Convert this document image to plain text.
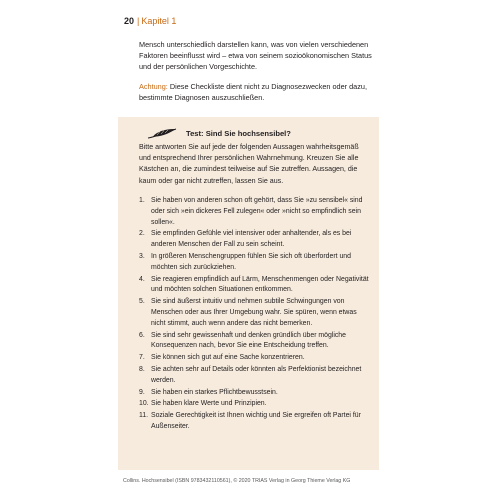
20 | Kapitel 1

Mensch unterschiedlich darstellen kann, was von vielen verschiedenen Faktoren beeinflusst wird – etwa von seinem sozioökonomischen Status und der persönlichen Vorgeschichte.

Achtung: Diese Checkliste dient nicht zu Diagnosezwecken oder dazu, bestimmte Diagnosen auszuschließen.
Test: Sind Sie hochsensibel?

Bitte antworten Sie auf jede der folgenden Aussagen wahrheitsgemäß und entsprechend Ihrer persönlichen Wahrnehmung. Kreuzen Sie alle Kästchen an, die zumindest teilweise auf Sie zutreffen. Aussagen, die kaum oder gar nicht zutreffen, lassen Sie aus.

1. Sie haben von anderen schon oft gehört, dass Sie »zu sensibel« sind oder sich »ein dickeres Fell zulegen« oder »nicht so empfindlich sein sollen«.
2. Sie empfinden Gefühle viel intensiver oder anhaltender, als es bei anderen Menschen der Fall zu sein scheint.
3. In größeren Menschengruppen fühlen Sie sich oft überfordert und möchten sich zurückziehen.
4. Sie reagieren empfindlich auf Lärm, Menschenmengen oder Negativität und möchten solchen Situationen entkommen.
5. Sie sind äußerst intuitiv und nehmen subtile Schwingungen von Menschen oder aus Ihrer Umgebung wahr. Sie spüren, wenn etwas nicht stimmt, auch wenn andere das nicht bemerken.
6. Sie sind sehr gewissenhaft und denken gründlich über mögliche Konsequenzen nach, bevor Sie eine Entscheidung treffen.
7. Sie können sich gut auf eine Sache konzentrieren.
8. Sie achten sehr auf Details oder könnten als Perfektionist bezeichnet werden.
9. Sie haben ein starkes Pflichtbewusstsein.
10. Sie haben klare Werte und Prinzipien.
11. Soziale Gerechtigkeit ist Ihnen wichtig und Sie ergreifen oft Partei für Außenseiter.
Collins. Hochsensibel (ISBN 9783432110561), © 2020 TRIAS Verlag in Georg Thieme Verlag KG
